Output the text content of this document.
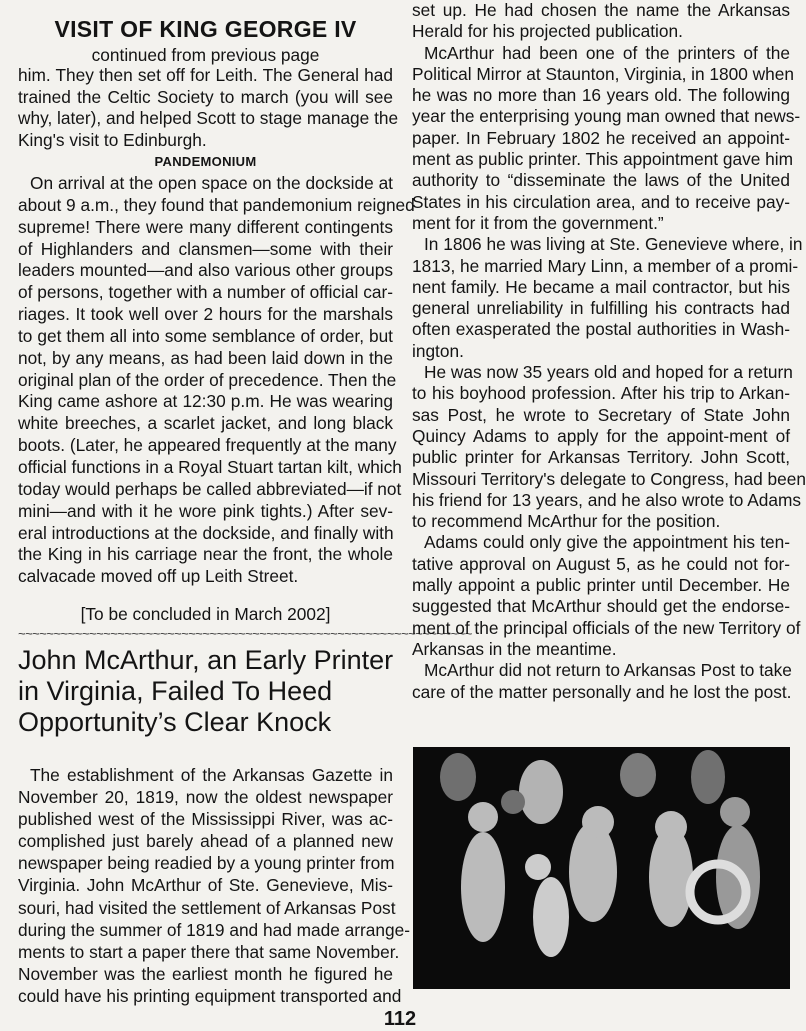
VISIT OF KING GEORGE IV
continued from previous page
him. They then set off for Leith. The General had
trained the Celtic Society to march (you will see
why, later), and helped Scott to stage manage the
King's visit to Edinburgh.
PANDEMONIUM
On arrival at the open space on the dockside at
about 9 a.m., they found that pandemonium reigned
supreme! There were many different contingents
of Highlanders and clansmen—some with their
leaders mounted—and also various other groups
of persons, together with a number of official car-
riages. It took well over 2 hours for the marshals
to get them all into some semblance of order, but
not, by any means, as had been laid down in the
original plan of the order of precedence. Then the
King came ashore at 12:30 p.m. He was wearing
white breeches, a scarlet jacket, and long black
boots. (Later, he appeared frequently at the many
official functions in a Royal Stuart tartan kilt, which
today would perhaps be called abbreviated—if not
mini—and with it he wore pink tights.) After sev-
eral introductions at the dockside, and finally with
the King in his carriage near the front, the whole
calvacade moved off up Leith Street.
[To be concluded in March 2002]
~~~~~~~~~~~~~~~~~~~~~~~~~~~~~~~~~~~~~~~~~~~~~~~~~~~~~~~~~~~~~~~~
John McArthur, an Early Printer
in Virginia, Failed To Heed
Opportunity’s Clear Knock
The establishment of the Arkansas Gazette in
November 20, 1819, now the oldest newspaper
published west of the Mississippi River, was ac-
complished just barely ahead of a planned new
newspaper being readied by a young printer from
Virginia. John McArthur of Ste. Genevieve, Mis-
souri, had visited the settlement of Arkansas Post
during the summer of 1819 and had made arrange-
ments to start a paper there that same November.
November was the earliest month he figured he
could have his printing equipment transported and
set up. He had chosen the name the Arkansas
Herald for his projected publication.
McArthur had been one of the printers of the
Political Mirror at Staunton, Virginia, in 1800 when
he was no more than 16 years old. The following
year the enterprising young man owned that news-
paper. In February 1802 he received an appoint-
ment as public printer. This appointment gave him
authority to “disseminate the laws of the United
States in his circulation area, and to receive pay-
ment for it from the government.”
In 1806 he was living at Ste. Genevieve where, in
1813, he married Mary Linn, a member of a promi-
nent family. He became a mail contractor, but his
general unreliability in fulfilling his contracts had
often exasperated the postal authorities in Wash-
ington.
He was now 35 years old and hoped for a return
to his boyhood profession. After his trip to Arkan-
sas Post, he wrote to Secretary of State John
Quincy Adams to apply for the appoint-ment of
public printer for Arkansas Territory. John Scott,
Missouri Territory's delegate to Congress, had been
his friend for 13 years, and he also wrote to Adams
to recommend McArthur for the position.
Adams could only give the appointment his ten-
tative approval on August 5, as he could not for-
mally appoint a public printer until December. He
suggested that McArthur should get the endorse-
ment of the principal officials of the new Territory of
Arkansas in the meantime.
McArthur did not return to Arkansas Post to take
care of the matter personally and he lost the post.
112
